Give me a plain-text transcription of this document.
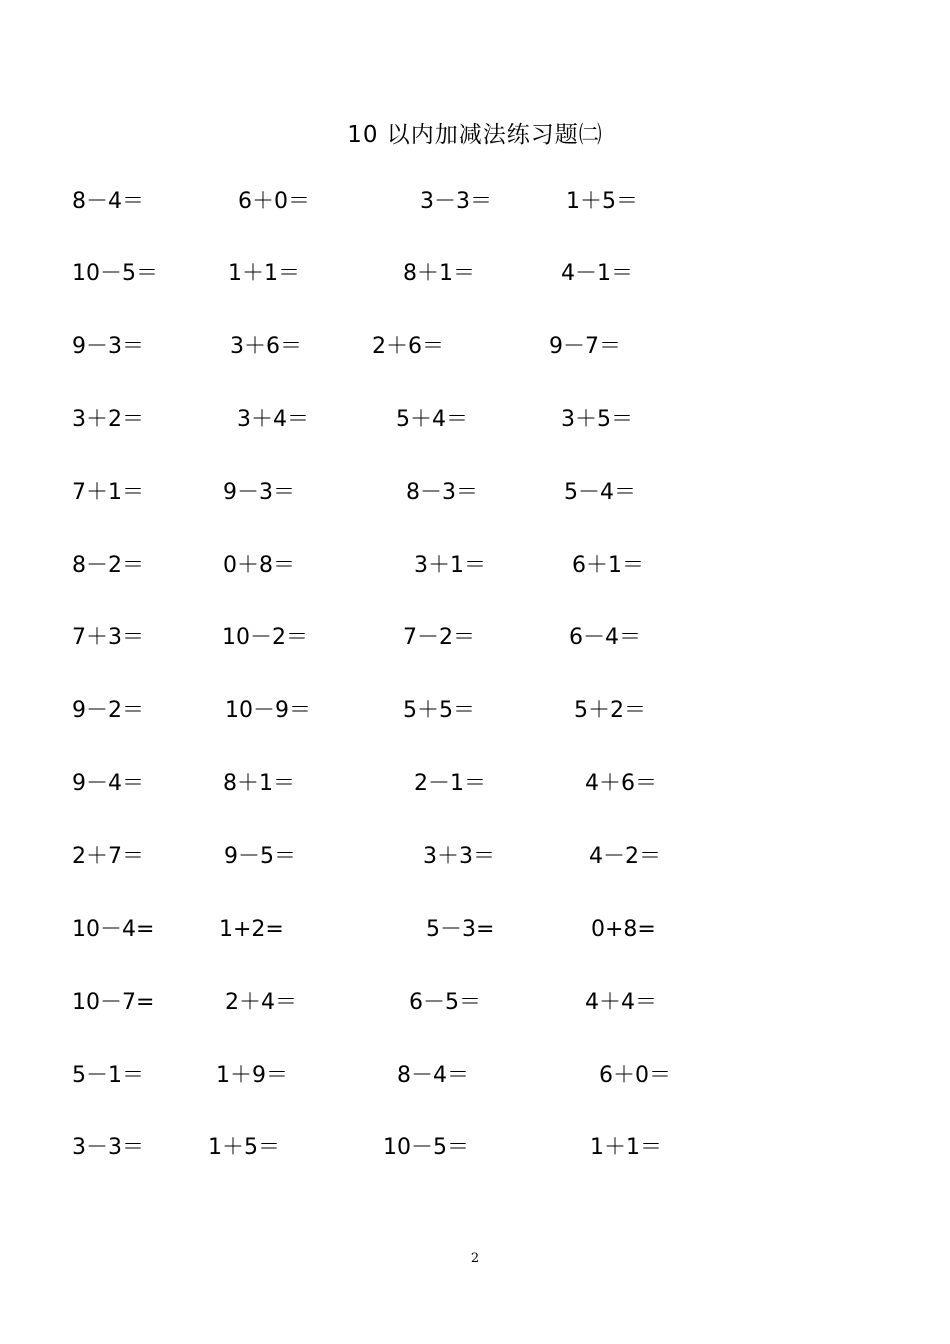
10 以内加减法练习题㈡
8－4＝	6＋0＝	3－3＝	1＋5＝
10－5＝	1＋1＝	8＋1＝	4－1＝
9－3＝	3＋6＝	2＋6＝	9－7＝
3＋2＝	3＋4＝	5＋4＝	3＋5＝
7＋1＝	9－3＝	8－3＝	5－4＝
8－2＝	0＋8＝	3＋1＝	6＋1＝
7＋3＝	10－2＝	7－2＝	6－4＝
9－2＝	10－9＝	5＋5＝	5＋2＝
9－4＝	8＋1＝	2－1＝	4＋6＝
2＋7＝	9－5＝	3＋3＝	4－2＝
10－4=	1+2=	5－3=	0+8=
10－7=	2＋4＝	6－5＝	4＋4＝
5－1＝	1＋9＝	8－4＝	6＋0＝
3－3＝	1＋5＝	10－5＝	1＋1＝
2
